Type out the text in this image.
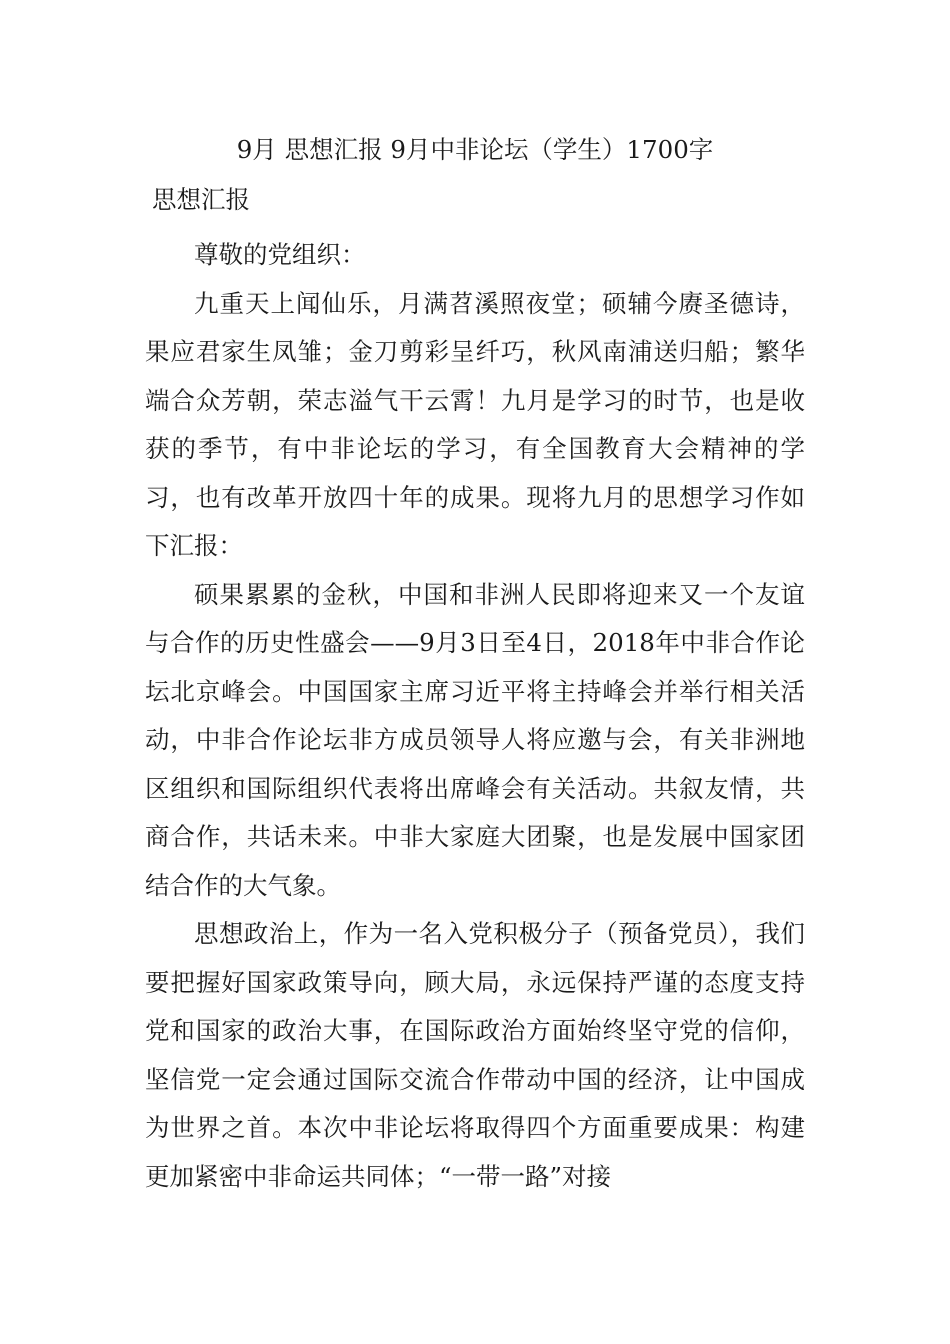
9月 思想汇报 9月中非论坛（学生）1700字
思想汇报

尊敬的党组织：

九重天上闻仙乐，月满苕溪照夜堂；硕辅今赓圣德诗，果应君家生凤雏；金刀剪彩呈纤巧，秋风南浦送归船；繁华端合众芳朝，荣志溢气干云霄！九月是学习的时节，也是收获的季节，有中非论坛的学习，有全国教育大会精神的学习，也有改革开放四十年的成果。现将九月的思想学习作如下汇报：

硕果累累的金秋，中国和非洲人民即将迎来又一个友谊与合作的历史性盛会——9月3日至4日，2018年中非合作论坛北京峰会。中国国家主席习近平将主持峰会并举行相关活动，中非合作论坛非方成员领导人将应邀与会，有关非洲地区组织和国际组织代表将出席峰会有关活动。共叙友情，共商合作，共话未来。中非大家庭大团聚，也是发展中国家团结合作的大气象。

思想政治上，作为一名入党积极分子（预备党员），我们要把握好国家政策导向，顾大局，永远保持严谨的态度支持党和国家的政治大事，在国际政治方面始终坚守党的信仰，坚信党一定会通过国际交流合作带动中国的经济，让中国成为世界之首。本次中非论坛将取得四个方面重要成果：构建更加紧密中非命运共同体；“一带一路”对接
